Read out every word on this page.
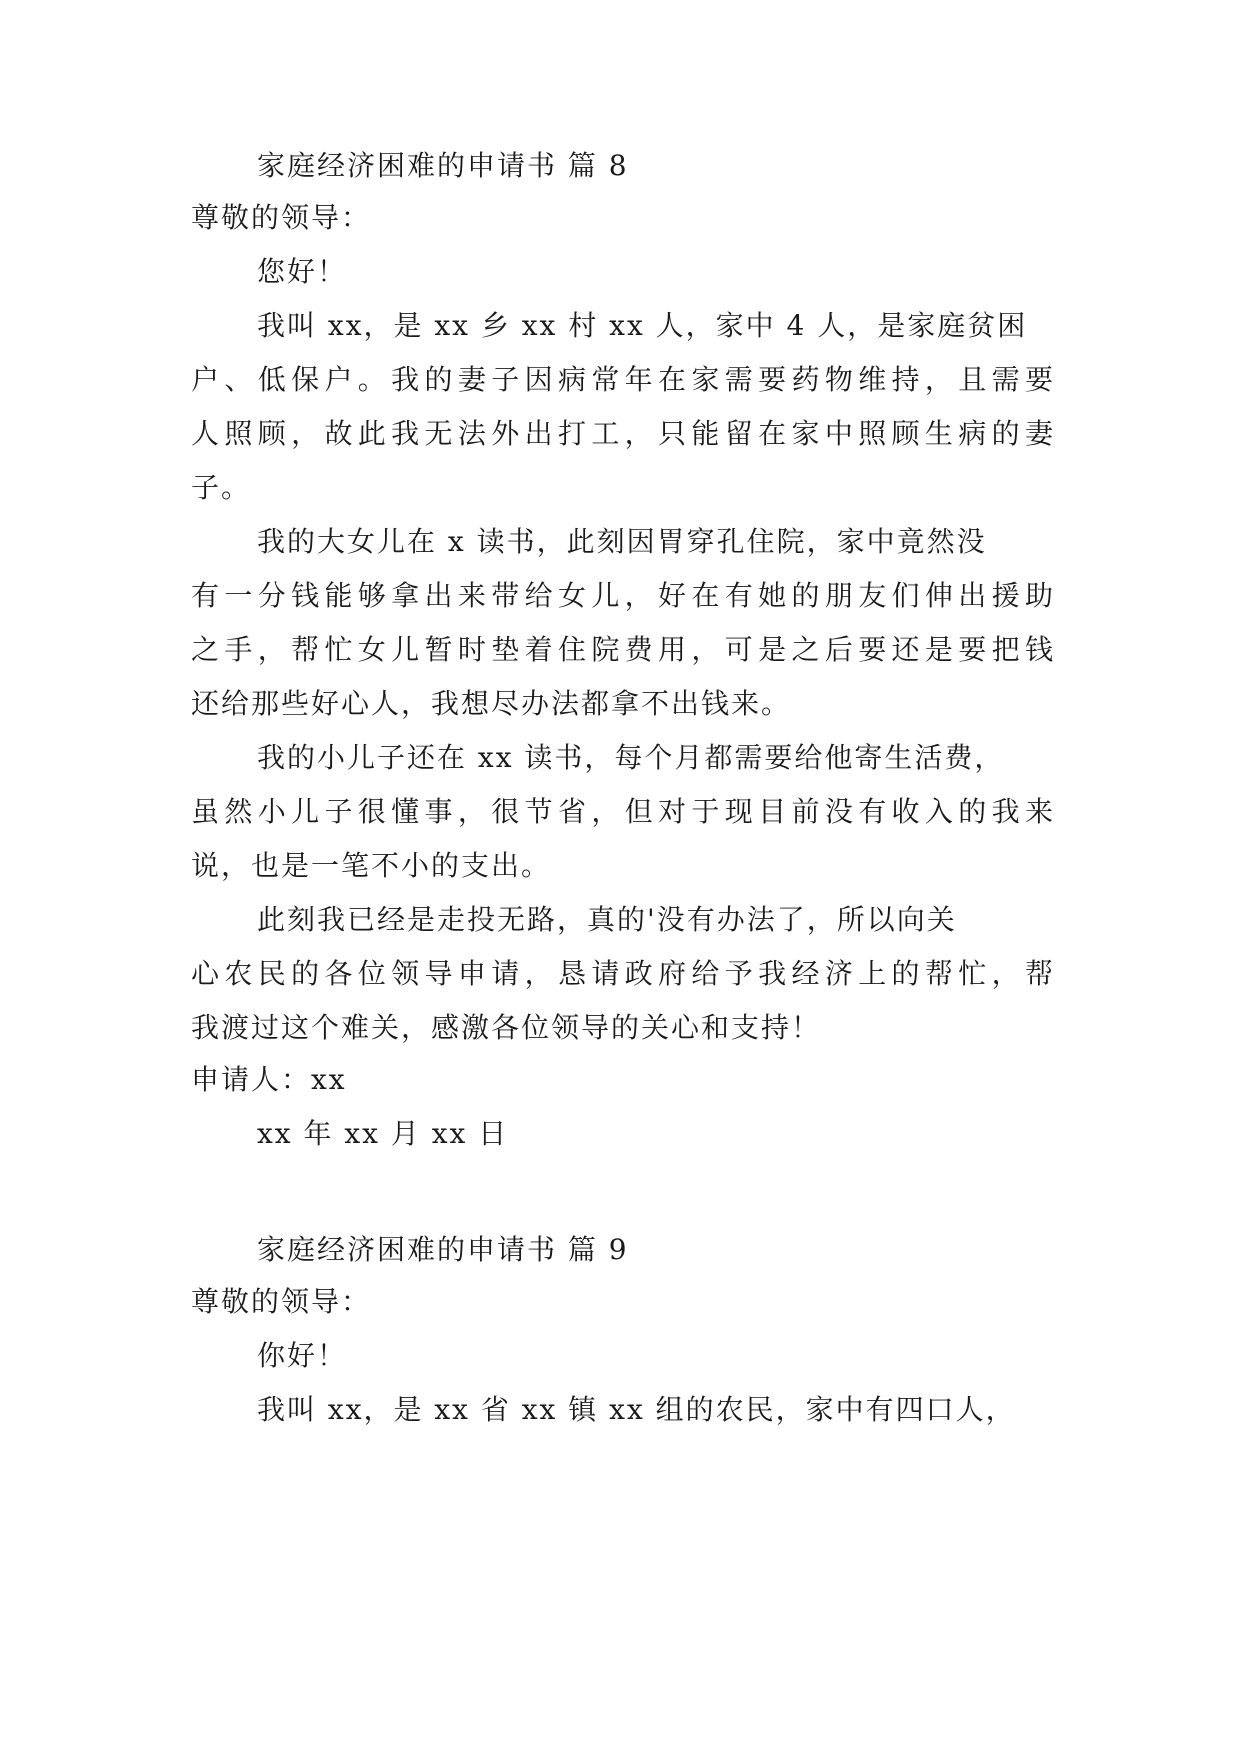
家庭经济困难的申请书 篇 8
尊敬的领导：
您好！
我叫 xx，是 xx 乡 xx 村 xx 人，家中 4 人，是家庭贫困
户、低保户。我的妻子因病常年在家需要药物维持，且需要
人照顾，故此我无法外出打工，只能留在家中照顾生病的妻
子。
我的大女儿在 x 读书，此刻因胃穿孔住院，家中竟然没
有一分钱能够拿出来带给女儿，好在有她的朋友们伸出援助
之手，帮忙女儿暂时垫着住院费用，可是之后要还是要把钱
还给那些好心人，我想尽办法都拿不出钱来。
我的小儿子还在 xx 读书，每个月都需要给他寄生活费，
虽然小儿子很懂事，很节省，但对于现目前没有收入的我来
说，也是一笔不小的支出。
此刻我已经是走投无路，真的'没有办法了，所以向关
心农民的各位领导申请，恳请政府给予我经济上的帮忙，帮
我渡过这个难关，感激各位领导的关心和支持！
申请人：xx
xx 年 xx 月 xx 日
家庭经济困难的申请书 篇 9
尊敬的领导：
你好！
我叫 xx，是 xx 省 xx 镇 xx 组的农民，家中有四口人，
